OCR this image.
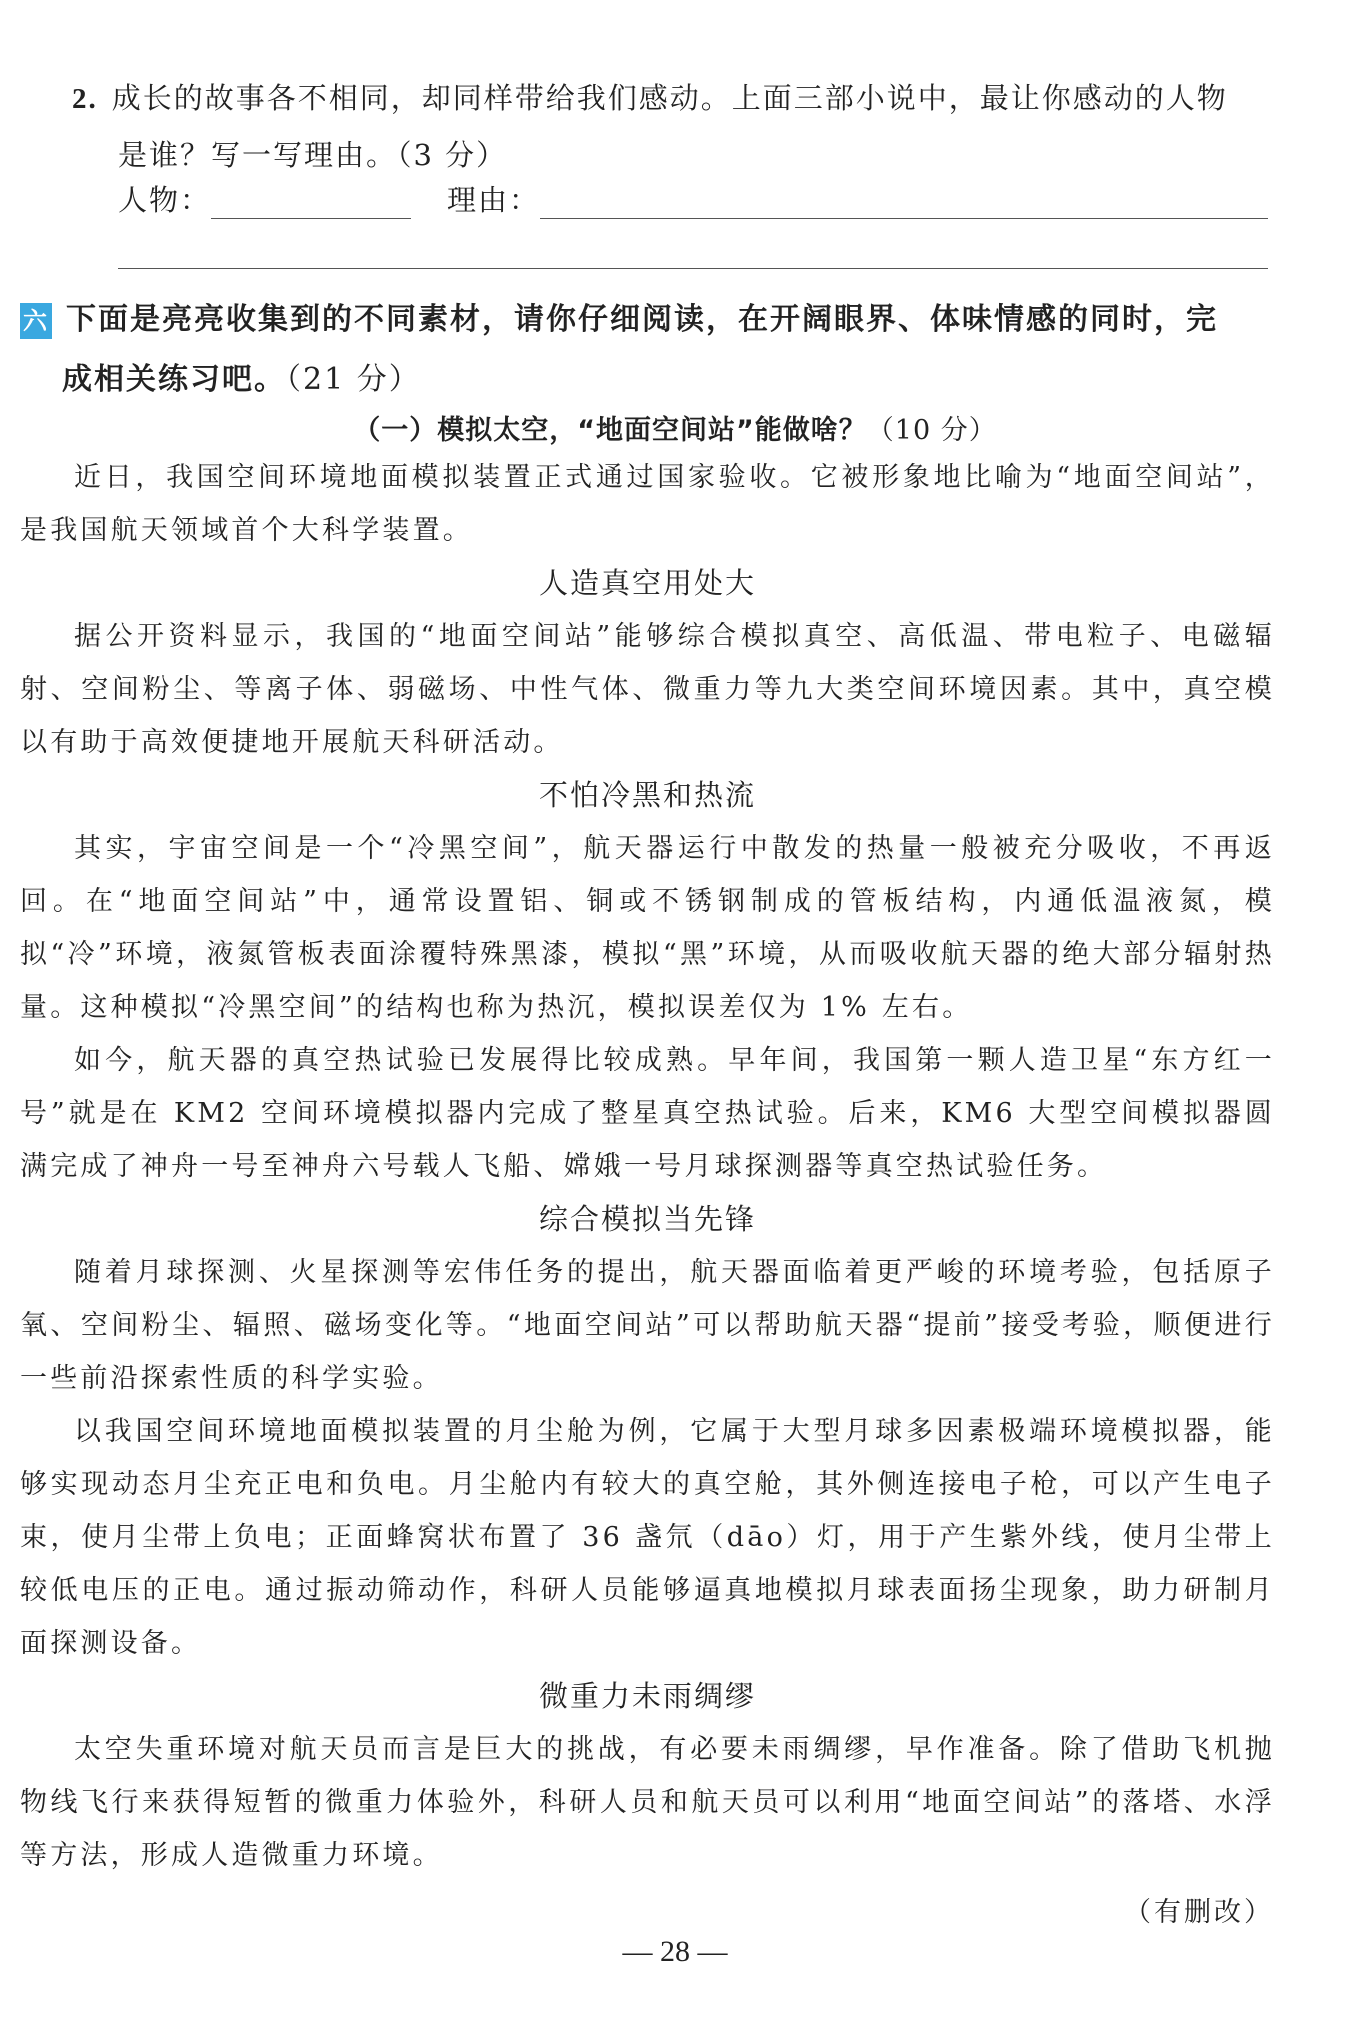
2. 成长的故事各不相同，却同样带给我们感动。上面三部小说中，最让你感动的人物
是谁？写一写理由。（3 分）
人物：	理由：
六 下面是亮亮收集到的不同素材，请你仔细阅读，在开阔眼界、体味情感的同时，完
成相关练习吧。（21 分）
（一）模拟太空，“地面空间站”能做啥？（10 分）

近日，我国空间环境地面模拟装置正式通过国家验收。它被形象地比喻为“地面空间站”，是我国航天领域首个大科学装置。

人造真空用处大

据公开资料显示，我国的“地面空间站”能够综合模拟真空、高低温、带电粒子、电磁辐射、空间粉尘、等离子体、弱磁场、中性气体、微重力等九大类空间环境因素。其中，真空模以有助于高效便捷地开展航天科研活动。

不怕冷黑和热流

其实，宇宙空间是一个“冷黑空间”，航天器运行中散发的热量一般被充分吸收，不再返回。在“地面空间站”中，通常设置铝、铜或不锈钢制成的管板结构，内通低温液氮，模拟“冷”环境，液氮管板表面涂覆特殊黑漆，模拟“黑”环境，从而吸收航天器的绝大部分辐射热量。这种模拟“冷黑空间”的结构也称为热沉，模拟误差仅为 1% 左右。

如今，航天器的真空热试验已发展得比较成熟。早年间，我国第一颗人造卫星“东方红一号”就是在 KM2 空间环境模拟器内完成了整星真空热试验。后来，KM6 大型空间模拟器圆满完成了神舟一号至神舟六号载人飞船、嫦娥一号月球探测器等真空热试验任务。

综合模拟当先锋

随着月球探测、火星探测等宏伟任务的提出，航天器面临着更严峻的环境考验，包括原子氧、空间粉尘、辐照、磁场变化等。“地面空间站”可以帮助航天器“提前”接受考验，顺便进行一些前沿探索性质的科学实验。

以我国空间环境地面模拟装置的月尘舱为例，它属于大型月球多因素极端环境模拟器，能够实现动态月尘充正电和负电。月尘舱内有较大的真空舱，其外侧连接电子枪，可以产生电子束，使月尘带上负电；正面蜂窝状布置了 36 盏氘（dāo）灯，用于产生紫外线，使月尘带上较低电压的正电。通过振动筛动作，科研人员能够逼真地模拟月球表面扬尘现象，助力研制月面探测设备。

微重力未雨绸缪

太空失重环境对航天员而言是巨大的挑战，有必要未雨绸缪，早作准备。除了借助飞机抛物线飞行来获得短暂的微重力体验外，科研人员和航天员可以利用“地面空间站”的落塔、水浮等方法，形成人造微重力环境。

（有删改）
— 28 —
